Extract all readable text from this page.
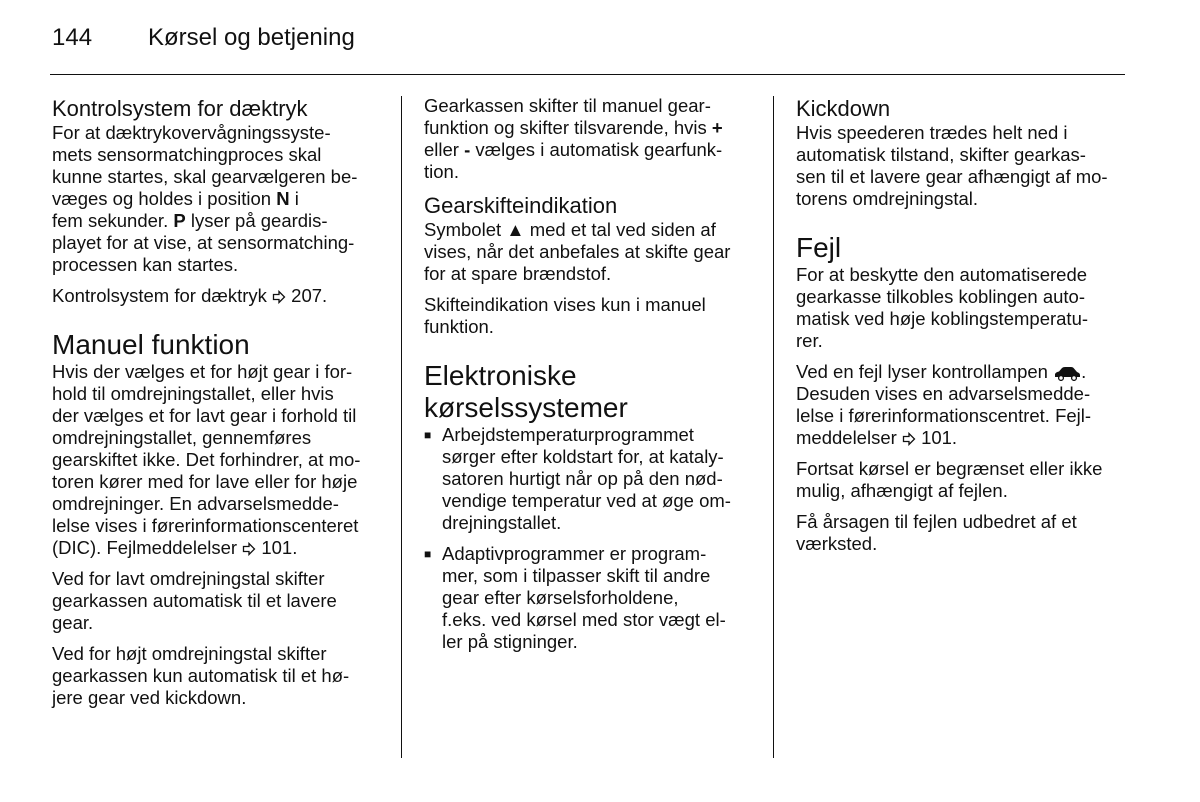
144 Kørsel og betjening
Kontrolsystem for dæktryk

For at dæktrykovervågningssyste-
mets sensormatchingproces skal
kunne startes, skal gearvælgeren be-
væges og holdes i position N i
fem sekunder. P lyser på geardis-
playet for at vise, at sensormatching-
processen kan startes.

Kontrolsystem for dæktryk  207.

Manuel funktion

Hvis der vælges et for højt gear i for-
hold til omdrejningstallet, eller hvis
der vælges et for lavt gear i forhold til
omdrejningstallet, gennemføres
gearskiftet ikke. Det forhindrer, at mo-
toren kører med for lave eller for høje
omdrejninger. En advarselsmedde-
lelse vises i førerinformationscenteret
(DIC). Fejlmeddelelser  101.

Ved for lavt omdrejningstal skifter
gearkassen automatisk til et lavere
gear.

Ved for højt omdrejningstal skifter
gearkassen kun automatisk til et hø-
jere gear ved kickdown.

Gearkassen skifter til manuel gear-
funktion og skifter tilsvarende, hvis +
eller - vælges i automatisk gearfunk-
tion.

Gearskifteindikation

Symbolet ▲ med et tal ved siden af
vises, når det anbefales at skifte gear
for at spare brændstof.

Skifteindikation vises kun i manuel
funktion.

Elektroniske
kørselssystemer
■ Arbejdstemperaturprogrammet
sørger efter koldstart for, at kataly-
satoren hurtigt når op på den nød-
vendige temperatur ved at øge om-
drejningstallet.
■ Adaptivprogrammer er program-
mer, som i tilpasser skift til andre
gear efter kørselsforholdene,
f.eks. ved kørsel med stor vægt el-
ler på stigninger.
Kickdown

Hvis speederen trædes helt ned i
automatisk tilstand, skifter gearkas-
sen til et lavere gear afhængigt af mo-
torens omdrejningstal.

Fejl

For at beskytte den automatiserede
gearkasse tilkobles koblingen auto-
matisk ved høje koblingstemperatu-
rer.

Ved en fejl lyser kontrollampen .
Desuden vises en advarselsmedde-
lelse i førerinformationscentret. Fejl-
meddelelser  101.

Fortsat kørsel er begrænset eller ikke
mulig, afhængigt af fejlen.

Få årsagen til fejlen udbedret af et
værksted.
